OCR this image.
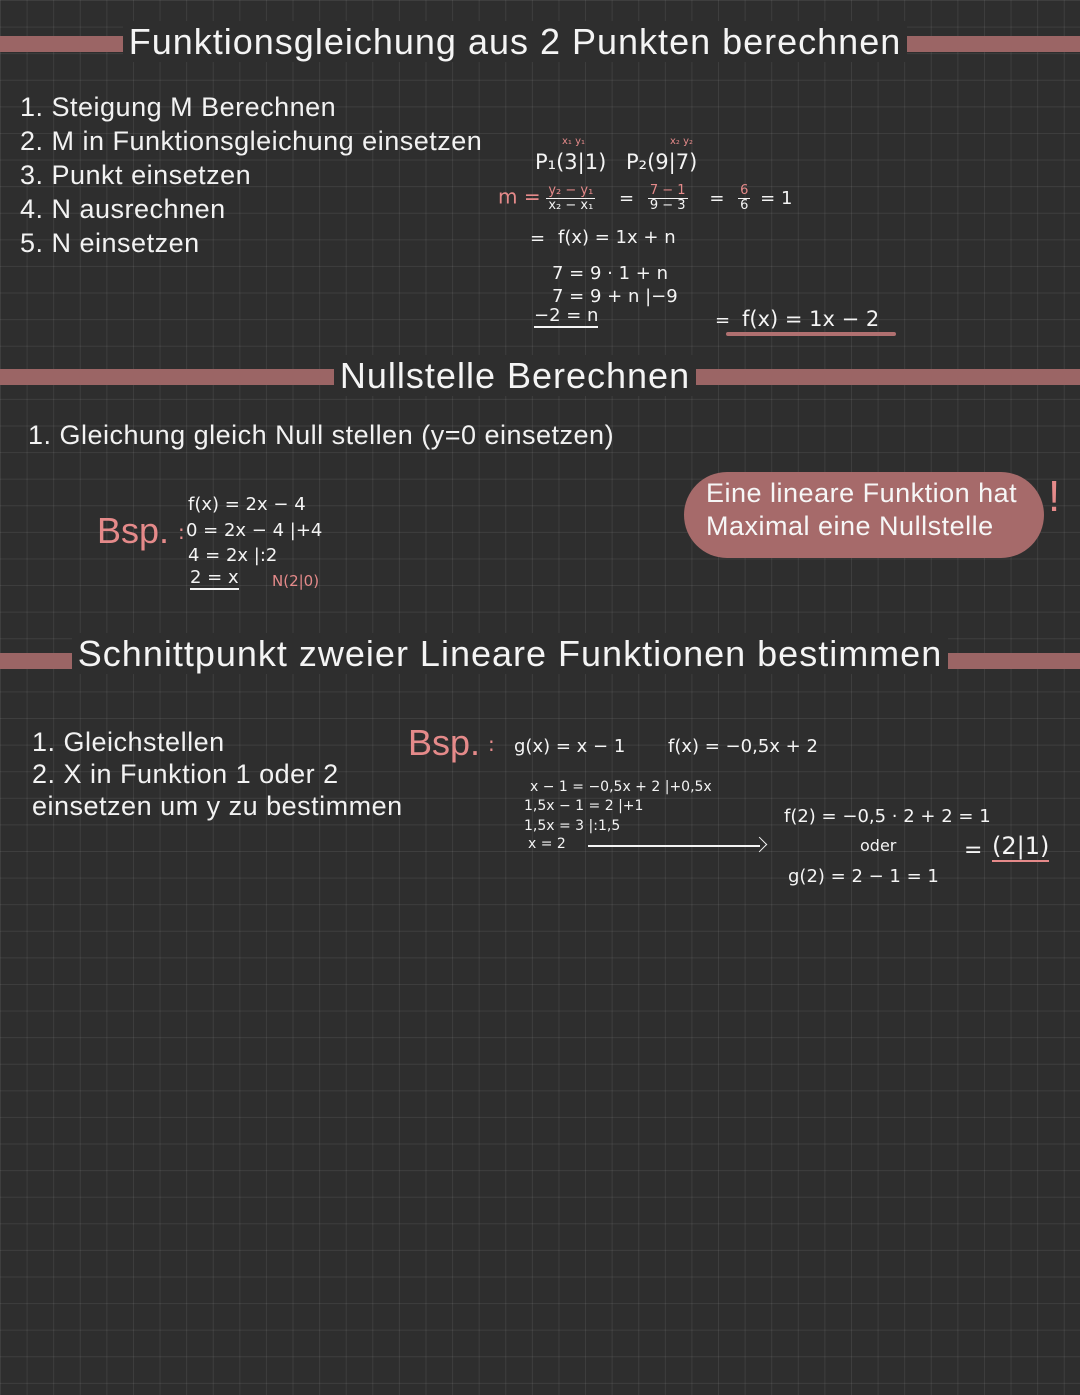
Funktionsgleichung aus 2 Punkten berechnen
1. Steigung M Berechnen
2. M in Funktionsgleichung einsetzen
3. Punkt einsetzen
4. N ausrechnen
5. N einsetzen
x₁ y₁	x₂ y₂
P₁(3|1) P₂(9|7)
$m = \frac{\text{y₂ − y₁}}{\text{x₂ − x₁}} = \frac{7 - 1}{9 - 3} = \frac{6}{6} = 1$
= f(x) = 1x + n
7 = 9 · 1 + n
7 = 9 + n |−9
−2 = n	= f(x) = 1x − 2
Nullstelle Berechnen
1. Gleichung gleich Null stellen (y=0 einsetzen)
Bsp. :
f(x) = 2x − 4
0 = 2x − 4 |+4
4 = 2x |:2
2 = x N(2|0)
Eine lineare Funktion hat
Maximal eine Nullstelle
!
Schnittpunkt zweier Lineare Funktionen bestimmen
1. Gleichstellen
2. X in Funktion 1 oder 2
einsetzen um y zu bestimmen
Bsp. : g(x) = x − 1 f(x) = −0,5x + 2
x − 1 = −0,5x + 2 |+0,5x
1,5x − 1 = 2 |+1
1,5x = 3 |:1,5
x = 2
f(2) = −0,5 · 2 + 2 = 1
oder
g(2) = 2 − 1 = 1
= (2|1)
